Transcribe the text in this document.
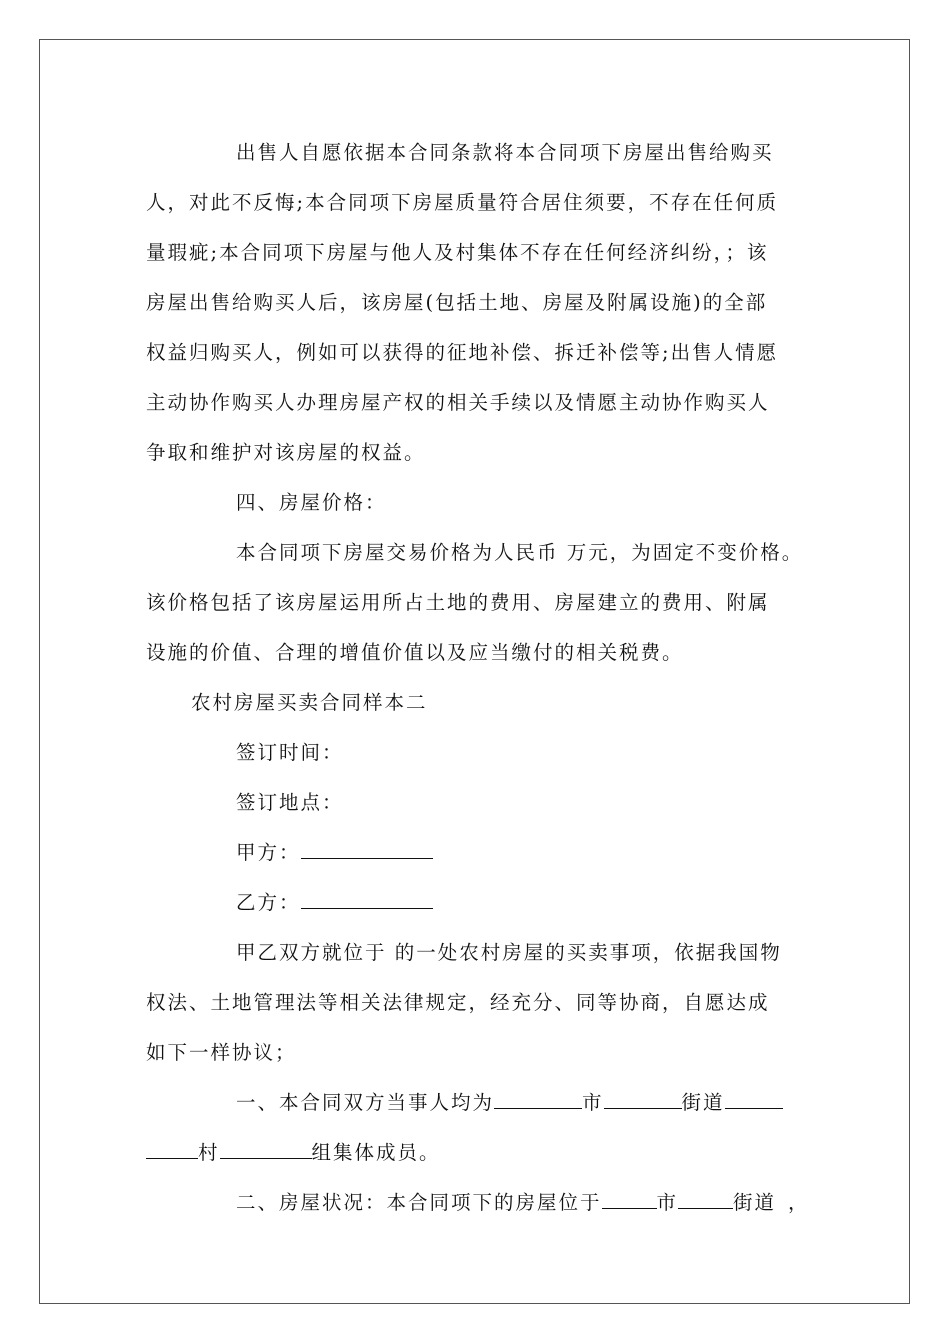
出售人自愿依据本合同条款将本合同项下房屋出售给购买
人，对此不反悔;本合同项下房屋质量符合居住须要，不存在任何质
量瑕疵;本合同项下房屋与他人及村集体不存在任何经济纠纷，；该
房屋出售给购买人后，该房屋(包括土地、房屋及附属设施)的全部
权益归购买人，例如可以获得的征地补偿、拆迁补偿等;出售人情愿
主动协作购买人办理房屋产权的相关手续以及情愿主动协作购买人
争取和维护对该房屋的权益。
四、房屋价格：
本合同项下房屋交易价格为人民币 万元，为固定不变价格。
该价格包括了该房屋运用所占土地的费用、房屋建立的费用、附属
设施的价值、合理的增值价值以及应当缴付的相关税费。
农村房屋买卖合同样本二
签订时间：
签订地点：
甲方：
乙方：
甲乙双方就位于 的一处农村房屋的买卖事项，依据我国物
权法、土地管理法等相关法律规定，经充分、同等协商，自愿达成
如下一样协议；
一、本合同双方当事人均为	市	街道
村	组集体成员。
二、房屋状况：本合同项下的房屋位于	市	街道 ，
